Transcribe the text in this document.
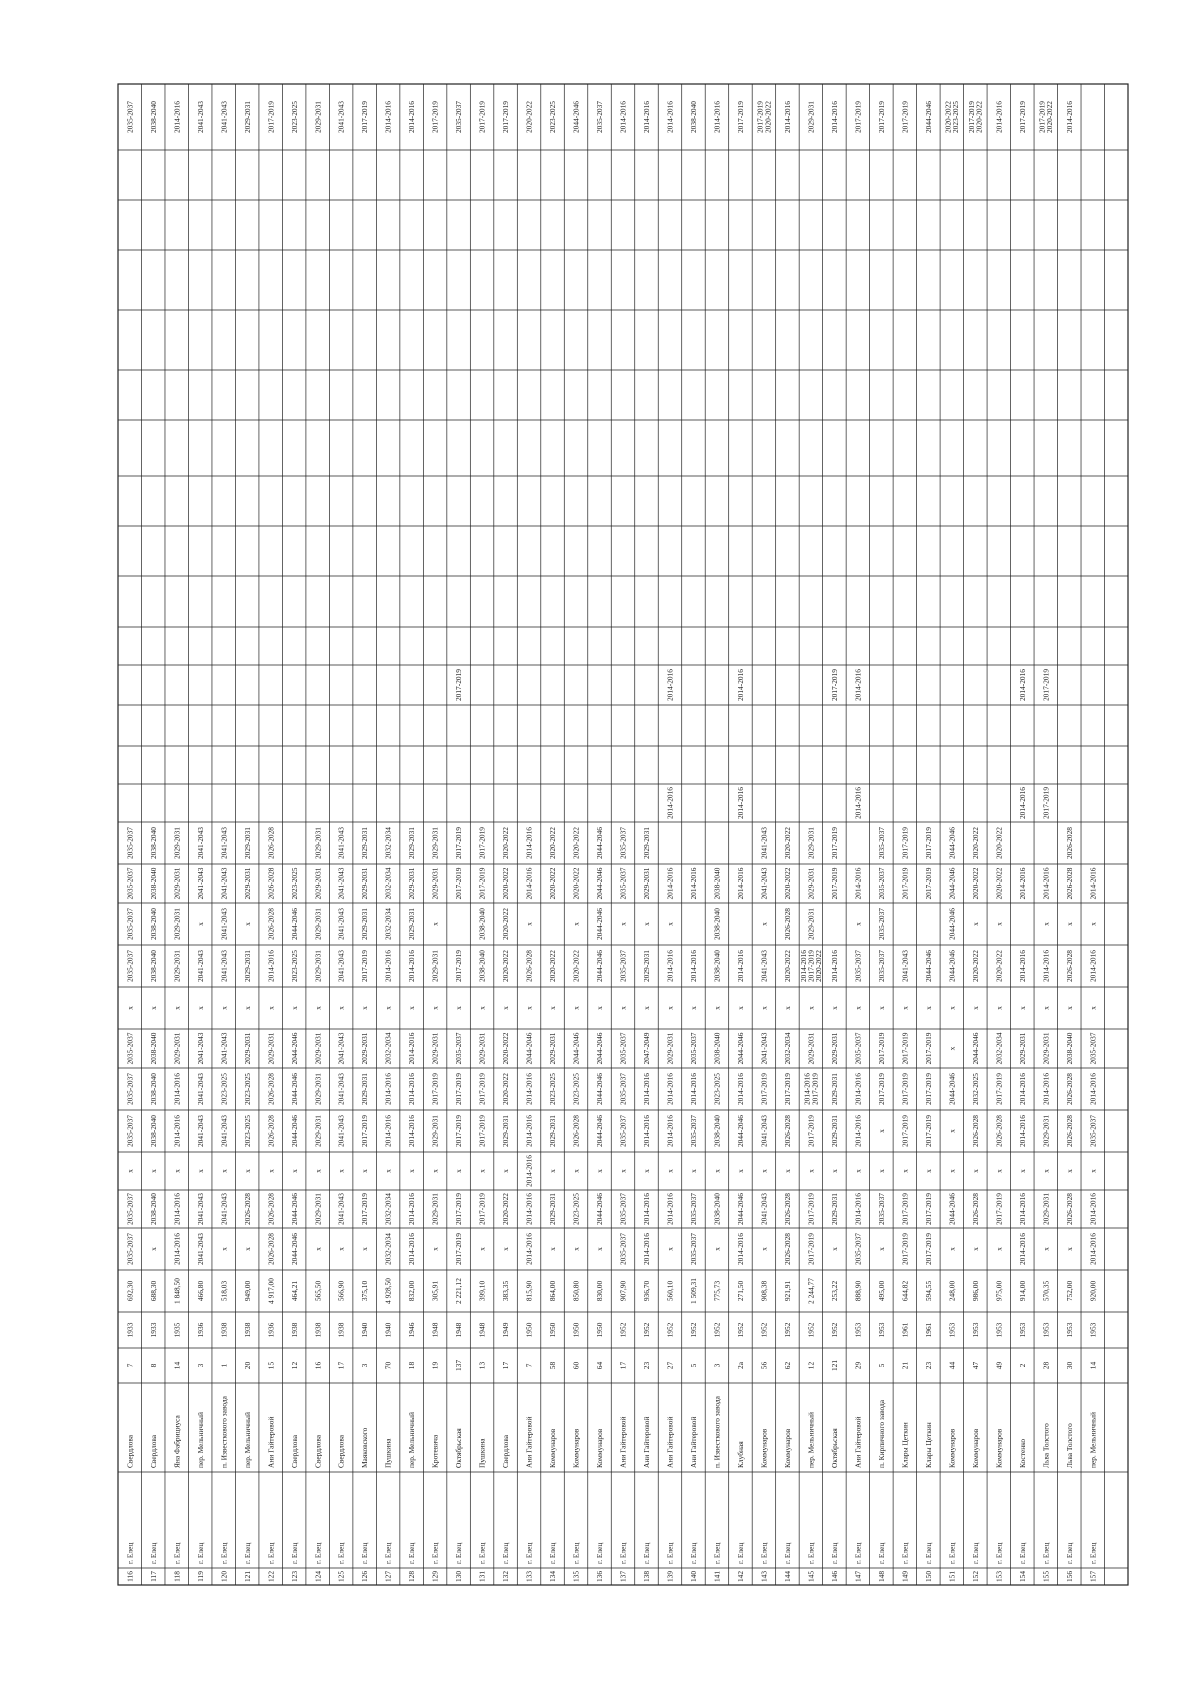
116
г. Елец
Свердлова
7
1933
692,30
2035-2037
2035-2037
х
2035-2037
2035-2037
2035-2037
х
2035-2037
2035-2037
2035-2037
2035-2037
2035-2037
117
г. Елец
Свердлова
8
1933
688,30
х
2038-2040
х
2038-2040
2038-2040
2038-2040
х
2038-2040
2038-2040
2038-2040
2038-2040
2038-2040
118
г. Елец
Яна Фабрициуса
14
1935
1 848,50
2014-2016
2014-2016
х
2014-2016
2014-2016
2029-2031
х
2029-2031
2029-2031
2029-2031
2029-2031
2014-2016
119
г. Елец
пер. Мельничный
3
1936
466,80
2041-2043
2041-2043
х
2041-2043
2041-2043
2041-2043
х
2041-2043
х
2041-2043
2041-2043
2041-2043
120
г. Елец
п. Известкового завода
1
1938
518,03
х
2041-2043
х
2041-2043
2023-2025
2041-2043
х
2041-2043
2041-2043
2041-2043
2041-2043
2041-2043
121
г. Елец
пер. Мельничный
20
1938
949,00
х
2026-2028
х
2023-2025
2023-2025
2029-2031
х
2029-2031
х
2029-2031
2029-2031
2029-2031
122
г. Елец
Ани Гайтеровой
15
1936
4 917,00
2026-2028
2026-2028
х
2026-2028
2026-2028
2029-2031
х
2014-2016
2026-2028
2026-2028
2026-2028
2017-2019
123
г. Елец
Свердлова
12
1938
464,21
2044-2046
2044-2046
х
2044-2046
2044-2046
2044-2046
х
2023-2025
2044-2046
2023-2025
2023-2025
124
г. Елец
Свердлова
16
1938
565,50
х
2029-2031
х
2029-2031
2029-2031
2029-2031
х
2029-2031
2029-2031
2029-2031
2029-2031
2029-2031
125
г. Елец
Свердлова
17
1938
566,90
х
2041-2043
х
2041-2043
2041-2043
2041-2043
х
2041-2043
2041-2043
2041-2043
2041-2043
2041-2043
126
г. Елец
Маяковского
3
1940
375,10
х
2017-2019
х
2017-2019
2029-2031
2029-2031
х
2017-2019
2029-2031
2029-2031
2029-2031
2017-2019
127
г. Елец
Пушкина
70
1940
4 928,50
2032-2034
2032-2034
х
2014-2016
2014-2016
2032-2034
х
2014-2016
2032-2034
2032-2034
2032-2034
2014-2016
128
г. Елец
пер. Мельничный
18
1946
832,00
2014-2016
2014-2016
х
2014-2016
2014-2016
2014-2016
х
2014-2016
2029-2031
2029-2031
2029-2031
2014-2016
129
г. Елец
Кротевича
19
1948
305,91
х
2029-2031
х
2029-2031
2017-2019
2029-2031
х
2029-2031
х
2029-2031
2029-2031
2017-2019
130
г. Елец
Октябрьская
137
1948
2 221,12
2017-2019
2017-2019
х
2017-2019
2017-2019
2035-2037
х
2017-2019
2017-2019
2017-2019
2017-2019
2035-2037
131
г. Елец
Пушкина
13
1948
399,10
х
2017-2019
х
2017-2019
2017-2019
2029-2031
х
2038-2040
2038-2040
2017-2019
2017-2019
2017-2019
132
г. Елец
Свердлова
17
1949
383,35
х
2020-2022
х
2029-2031
2020-2022
2020-2022
х
2020-2022
2020-2022
2020-2022
2020-2022
2017-2019
133
г. Елец
Ани Гайтеровой
7
1950
815,90
2014-2016
2014-2016
2014-2016
2014-2016
2014-2016
2044-2046
х
2026-2028
х
2014-2016
2014-2016
2020-2022
134
г. Елец
Коммунаров
58
1950
864,00
х
2029-2031
х
2029-2031
2023-2025
2029-2031
х
2020-2022
2020-2022
2020-2022
2023-2025
135
г. Елец
Коммунаров
60
1950
850,80
х
2023-2025
х
2026-2028
2023-2025
2044-2046
х
2020-2022
х
2020-2022
2020-2022
2044-2046
136
г. Елец
Коммунаров
64
1950
830,00
х
2044-2046
х
2044-2046
2044-2046
2044-2046
х
2044-2046
2044-2046
2044-2046
2044-2046
2035-2037
137
г. Елец
Ани Гайтеровой
17
1952
907,90
2035-2037
2035-2037
х
2035-2037
2035-2037
2035-2037
х
2035-2037
х
2035-2037
2035-2037
2014-2016
138
г. Елец
Ани Гайтеровой
23
1952
936,70
2014-2016
2014-2016
х
2014-2016
2014-2016
2047-2049
х
2029-2031
х
2029-2031
2029-2031
2014-2016
139
г. Елец
Ани Гайтеровой
27
1952
560,10
х
2014-2016
х
2014-2016
2014-2016
2029-2031
х
2014-2016
х
2014-2016
2014-2016
2014-2016
2014-2016
140
г. Елец
Ани Гайтеровой
5
1952
1 509,31
2035-2037
2035-2037
х
2035-2037
2014-2016
2035-2037
х
2014-2016
2014-2016
2038-2040
141
г. Елец
п. Известкового завода
3
1952
775,73
х
2038-2040
х
2038-2040
2023-2025
2038-2040
х
2038-2040
2038-2040
2038-2040
2014-2016
142
г. Елец
Клубная
2а
1952
271,50
2014-2016
2044-2046
х
2044-2046
2014-2016
2044-2046
х
2014-2016
2014-2016
2014-2016
2014-2016
2017-2019
143
г. Елец
Коммунаров
56
1952
908,38
х
2041-2043
х
2041-2043
2017-2019
2041-2043
х
2041-2043
х
2041-2043
2041-2043
2017-2019
2020-2022
144
г. Елец
Коммунаров
62
1952
921,91
2026-2028
2026-2028
х
2026-2028
2017-2019
2032-2034
х
2020-2022
2026-2028
2020-2022
2020-2022
2014-2016
145
г. Елец
пер. Мельничный
12
1952
2 244,77
2017-2019
2017-2019
х
2017-2019
2014-2016
2017-2019
2029-2031
х
2014-2016
2017-2019
2020-2022
2029-2031
2029-2031
2029-2031
2029-2031
146
г. Елец
Октябрьская
121
1952
253,22
х
2029-2031
х
2029-2031
2029-2031
2029-2031
х
2014-2016
2017-2019
2017-2019
2017-2019
2014-2016
147
г. Елец
Ани Гайтеровой
29
1953
888,90
2035-2037
2014-2016
х
2014-2016
2014-2016
2035-2037
х
2035-2037
х
2014-2016
2014-2016
2014-2016
2017-2019
148
г. Елец
п. Кирпичного завода
5
1953
495,00
х
2035-2037
х
х
2017-2019
2017-2019
х
2035-2037
2035-2037
2035-2037
2035-2037
2017-2019
149
г. Елец
Клары Цеткин
21
1961
644,82
2017-2019
2017-2019
х
2017-2019
2017-2019
2017-2019
х
2041-2043
2017-2019
2017-2019
2017-2019
150
г. Елец
Клары Цеткин
23
1961
594,55
2017-2019
2017-2019
х
2017-2019
2017-2019
2017-2019
х
2044-2046
2017-2019
2017-2019
2044-2046
151
г. Елец
Коммунаров
44
1953
248,00
х
2044-2046
х
х
2044-2046
х
х
2044-2046
2044-2046
2044-2046
2044-2046
2020-2022
2023-2025
152
г. Елец
Коммунаров
47
1953
986,00
х
2026-2028
х
2026-2028
2032-2025
2044-2046
х
2020-2022
х
2020-2022
2020-2022
2017-2019
2020-2022
153
г. Елец
Коммунаров
49
1953
975,00
х
2017-2019
х
2026-2028
2017-2019
2032-2034
х
2020-2022
х
2020-2022
2020-2022
2014-2016
154
г. Елец
Костенко
2
1953
914,00
2014-2016
2014-2016
х
2014-2016
2014-2016
2029-2031
х
2014-2016
2014-2016
2014-2016
2014-2016
2017-2019
155
г. Елец
Льва Толстого
28
1953
570,35
х
2029-2031
х
2029-2031
2014-2016
2029-2031
х
2014-2016
х
2014-2016
2017-2019
2017-2019
2017-2019
2020-2022
156
г. Елец
Льва Толстого
30
1953
752,00
х
2026-2028
х
2026-2028
2026-2028
2038-2040
х
2026-2028
х
2026-2028
2026-2028
2014-2016
157
г. Елец
пер. Мельничный
14
1953
920,00
2014-2016
2014-2016
х
2035-2037
2014-2016
2035-2037
х
2014-2016
х
2014-2016
